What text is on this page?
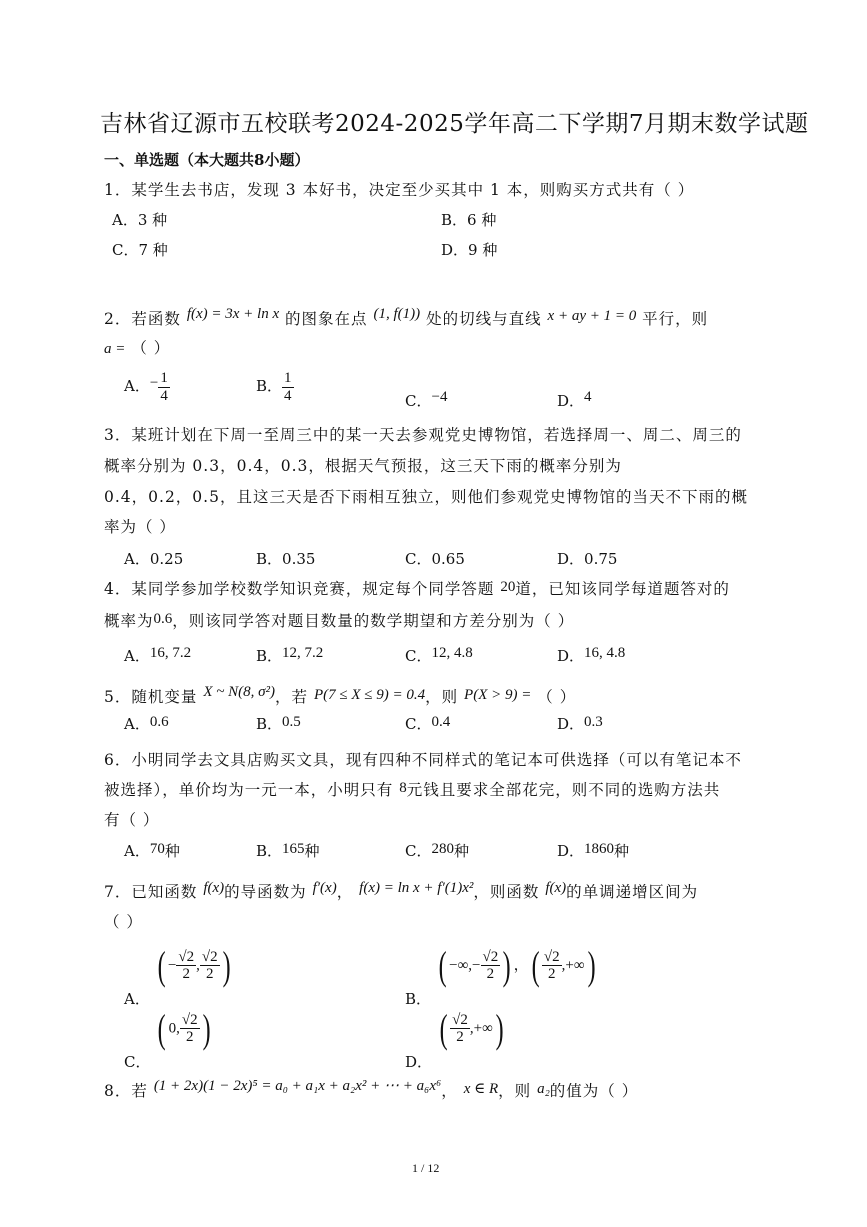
吉林省辽源市五校联考2024-2025学年高二下学期7月期末数学试题
一、单选题（本大题共8小题）
1．某学生去书店，发现 3 本好书，决定至少买其中 1 本，则购买方式共有（ ）
A．3 种	B．6 种
C．7 种	D．9 种
2．若函数 f(x) = 3x + ln x 的图象在点 (1, f(1)) 处的切线与直线 x + ay + 1 = 0 平行，则
a = （ ）
A．− $\frac{1}{4}$	B． $\frac{1}{4}$	C．−4	D．4
3．某班计划在下周一至周三中的某一天去参观党史博物馆，若选择周一、周二、周三的
概率分别为 0.3，0.4，0.3，根据天气预报，这三天下雨的概率分别为
0.4，0.2，0.5，且这三天是否下雨相互独立，则他们参观党史博物馆的当天不下雨的概
率为（ ）
A．0.25	B．0.35	C．0.65	D．0.75
4．某同学参加学校数学知识竞赛，规定每个同学答题 20道，已知该同学每道题答对的
概率为0.6，则该同学答对题目数量的数学期望和方差分别为（ ）
A．16, 7.2	B．12, 7.2	C．12, 4.8	D．16, 4.8
5．随机变量 X ~ N(8, σ²)，若 P(7 ≤ X ≤ 9) = 0.4，则 P(X > 9) = （ ）
A．0.6	B．0.5	C．0.4	D．0.3
6．小明同学去文具店购买文具，现有四种不同样式的笔记本可供选择（可以有笔记本不
被选择），单价均为一元一本，小明只有 8元钱且要求全部花完，则不同的选购方法共
有（ ）
A．70种	B．165种	C．280种	D．1860种
7．已知函数 f(x)的导函数为 f′(x)， f(x) = ln x + f′(1)x²，则函数 f(x)的单调递增区间为
（ ）
A． ( − $\frac{√2}{2}$ , $\frac{√2}{2}$ )
B． ( −∞,− $\frac{√2}{2}$ ) ，( $\frac{√2}{2}$ ,+∞)
C． ( 0, $\frac{√2}{2}$ )
D． ( $\frac{√2}{2}$ ,+∞)
8．若 (1 + 2x)(1 − 2x)⁵ = a₀ + a₁x + a₂x² + ⋯ + a₆x⁶， x ∈ R，则 a₂的值为（ ）
1 / 12
